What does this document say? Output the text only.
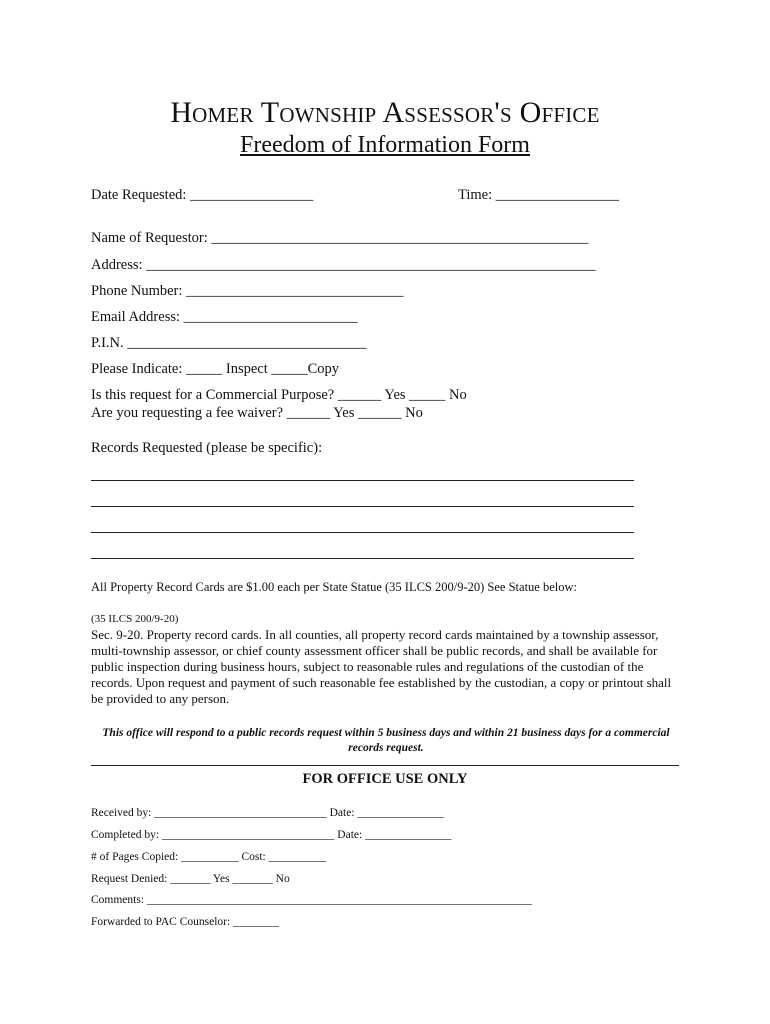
Homer Township Assessor's Office
Freedom of Information Form
Date Requested: _________________	Time: _________________
Name of Requestor: ____________________________________________________
Address: ______________________________________________________________
Phone Number: ______________________________
Email Address: ________________________
P.I.N. _________________________________
Please Indicate: _____ Inspect _____Copy
Is this request for a Commercial Purpose? ______ Yes _____ No
Are you requesting a fee waiver? ______ Yes ______ No
Records Requested (please be specific):
All Property Record Cards are $1.00 each per State Statue (35 ILCS 200/9-20) See Statue below:
(35 ILCS 200/9-20)
Sec. 9-20. Property record cards. In all counties, all property record cards maintained by a township assessor, multi-township assessor, or chief county assessment officer shall be public records, and shall be available for public inspection during business hours, subject to reasonable rules and regulations of the custodian of the records. Upon request and payment of such reasonable fee established by the custodian, a copy or printout shall be provided to any person.
This office will respond to a public records request within 5 business days and within 21 business days for a commercial records request.
FOR OFFICE USE ONLY
Received by: ______________________________ Date: _______________
Completed by: ______________________________ Date: _______________
# of Pages Copied: __________ Cost: __________
Request Denied: _______ Yes _______ No
Comments: ___________________________________________________________________
Forwarded to PAC Counselor: ________
